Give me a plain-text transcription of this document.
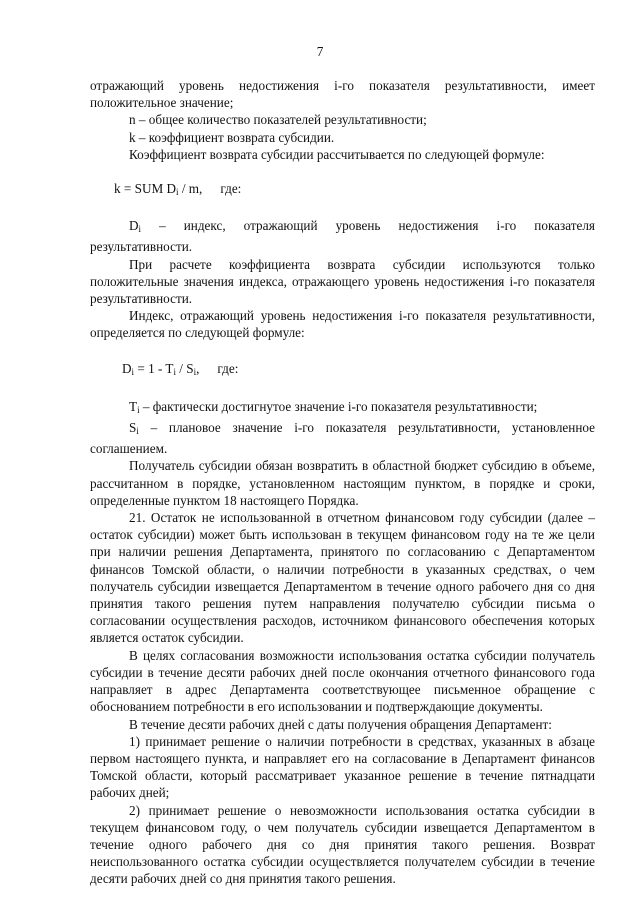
7

отражающий уровень недостижения i-го показателя результативности, имеет положительное значение;

n – общее количество показателей результативности;

k – коэффициент возврата субсидии.

Коэффициент возврата субсидии рассчитывается по следующей формуле:

k = SUM $D_i$ / m, где:

$D_i$ – индекс, отражающий уровень недостижения i-го показателя результативности.

При расчете коэффициента возврата субсидии используются только положительные значения индекса, отражающего уровень недостижения i-го показателя результативности.

Индекс, отражающий уровень недостижения i-го показателя результативности, определяется по следующей формуле:

$D_i = 1 - T_i / S_i$, где:

$T_i$ – фактически достигнутое значение i-го показателя результативности;

$S_i$ – плановое значение i-го показателя результативности, установленное соглашением.

Получатель субсидии обязан возвратить в областной бюджет субсидию в объеме, рассчитанном в порядке, установленном настоящим пунктом, в порядке и сроки, определенные пунктом 18 настоящего Порядка.

21. Остаток не использованной в отчетном финансовом году субсидии (далее – остаток субсидии) может быть использован в текущем финансовом году на те же цели при наличии решения Департамента, принятого по согласованию с Департаментом финансов Томской области, о наличии потребности в указанных средствах, о чем получатель субсидии извещается Департаментом в течение одного рабочего дня со дня принятия такого решения путем направления получателю субсидии письма о согласовании осуществления расходов, источником финансового обеспечения которых является остаток субсидии.

В целях согласования возможности использования остатка субсидии получатель субсидии в течение десяти рабочих дней после окончания отчетного финансового года направляет в адрес Департамента соответствующее письменное обращение с обоснованием потребности в его использовании и подтверждающие документы.

В течение десяти рабочих дней с даты получения обращения Департамент:

1) принимает решение о наличии потребности в средствах, указанных в абзаце первом настоящего пункта, и направляет его на согласование в Департамент финансов Томской области, который рассматривает указанное решение в течение пятнадцати рабочих дней;

2) принимает решение о невозможности использования остатка субсидии в текущем финансовом году, о чем получатель субсидии извещается Департаментом в течение одного рабочего дня со дня принятия такого решения. Возврат неиспользованного остатка субсидии осуществляется получателем субсидии в течение десяти рабочих дней со дня принятия такого решения.
